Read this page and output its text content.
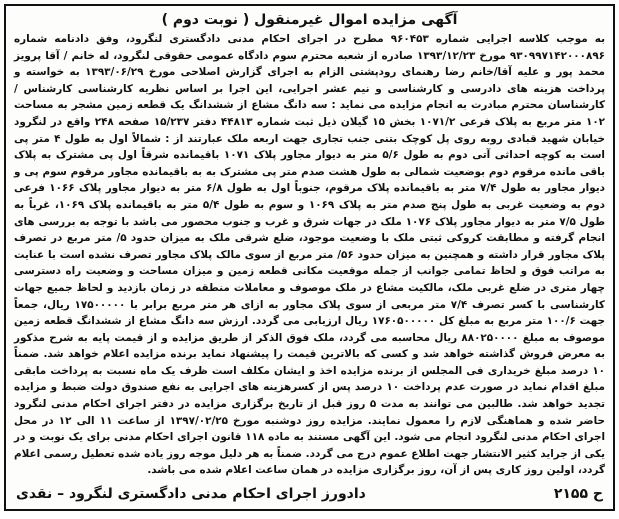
آگهی مزایده اموال غیرمنقول ( نوبت دوم )

به موجب کلاسه اجرایی شماره ۹۶۰۴۵۳ مطرح در اجرای احکام مدنی دادگستری لنگرود، وفق دادنامه شماره ۹۳۰۹۹۷۱۴۲۰۰۰۸۹۶ مورخ ۱۳۹۳/۱۲/۲۳ صادره از شعبه محترم سوم دادگاه عمومی حقوقی لنگرود، له خانم / آقا پرویز محمد پور و علیه آقا/خانم رضا رهنمای رودپشتی الزام به اجرای گزارش اصلاحی مورخ ۱۳۹۳/۰۶/۲۹ به خواسته و پرداخت هزینه های دادرسی و کارشناسی و نیم عشر اجرایی، این اجرا بر اساس نظریه کارشناسی کارشناس / کارشناسان محترم مبادرت به انجام مزایده می نماید : سه دانگ مشاع از ششدانگ یک قطعه زمین مشجر به مساحت ۱۰۲ متر مربع به پلاک فرعی ۱۰۷۱/۲ بخش ۱۵ گیلان ذیل ثبت شماره ۴۴۸۱۳ دفتر ۱۵/۲۳۷ صفحه ۲۴۸ واقع در لنگرود خیابان شهید قبادی روبه روی پل کوچک بتنی جنب تجاری جهت اربعه ملک عبارتند از : شمالاً اول به طول ۴ متر پی است به کوچه احداثی آتی دوم به طول ۵/۶ متر به دیوار مجاور پلاک ۱۰۷۱ باقیمانده شرقاً اول پی مشترک به پلاک باقی مانده مرقوم دوم بوضعیت شمالی به طول هشت صدم متر پی مشترک به به باقیمانده مجاور مرقوم سوم پی و دیوار مجاور به طول ۷/۴ متر به باقیمانده پلاک مرقوم، جنوباً اول به طول ۶/۸ متر به دیوار مجاور پلاک ۱۰۶۶ فرعی دوم به وضعیت غربی به طول پنج صدم متر به پلاک ۱۰۶۹ و سوم به طول ۵/۴ متر به باقیمانده پلاک ۱۰۶۹، غرباً به طول ۷/۵ متر به دیوار مجاور پلاک ۱۰۷۶ ملک در جهات شرق و غرب و جنوب محصور می باشد با توجه به بررسی های انجام گرفته و مطابقت کروکی ثبتی ملک با وضعیت موجود، ضلع شرقی ملک به میزان حدود ۵/ متر مربع در تصرف پلاک مجاور قرار داشته و همچنین به میزان حدود ۵۶/ متر مربع از سوی مالک پلاک مجاور تصرف نشده است با عنایت به مراتب فوق و لحاظ تمامی جوانب از جمله موقعیت مکانی قطعه زمین و میزان مساحت و وضعیت راه دسترسی چهار متری در ضلع غربی ملک، مالکیت مشاع در ملک موصوف و معاملات منطقه در زمان بازدید و لحاظ جمیع جهات کارشناسی با کسر تصرف ۷/۴ متر مربعی از سوی پلاک مجاور به ازای هر متر مربع برابر با ۱۷۵۰۰۰۰۰ ریال، جمعاً جهت ۱۰۰/۶ متر مربع به مبلغ کل ۱۷۶۰۵۰۰۰۰۰ ریال ارزیابی می گردد. ارزش سه دانگ مشاع از ششدانگ قطعه زمین موصوف به مبلغ ۸۸۰۲۵۰۰۰۰ ریال محاسبه می گردد، ملک فوق الذکر از طریق مزایده و از قیمت پایه به شرح مذکور به معرض فروش گذاشته خواهد شد و کسی که بالاترین قیمت را پیشنهاد نماید برنده مزایده اعلام خواهد شد. ضمناً ۱۰ درصد مبلغ خریداری فی المجلس از برنده مزایده اخذ و ایشان مکلف است ظرف یک ماه نسبت به پرداخت مابقی مبلغ اقدام نماید در صورت عدم پرداخت ۱۰ درصد پس از کسرهزینه های اجرایی به نفع صندوق دولت ضبط و مزایده تجدید خواهد شد. طالبین می توانند به مدت ۵ روز قبل از تاریخ برگزاری مزایده در دفتر اجرای احکام مدنی لنگرود حاضر شده و هماهنگی لازم را معمول نمایند. مزایده روز دوشنبه مورخ ۱۳۹۷/۰۲/۲۵ از ساعت ۱۱ الی ۱۲ در محل اجرای احکام مدنی لنگرود انجام می شود. این آگهی مستند به ماده ۱۱۸ قانون اجرای احکام مدنی برای یک نوبت و در یکی از جراید کثیر الانتشار جهت اطلاع عموم درج می گردد. ضمناً به هر دلیل موجه روز یاده شده تعطیل رسمی اعلام گردد، اولین روز کاری پس از آن، روز برگزاری مزایده در همان ساعت اعلام شده می باشد.

ح ۲۱۵۵
دادورز اجرای احکام مدنی دادگستری لنگرود – نقدی
